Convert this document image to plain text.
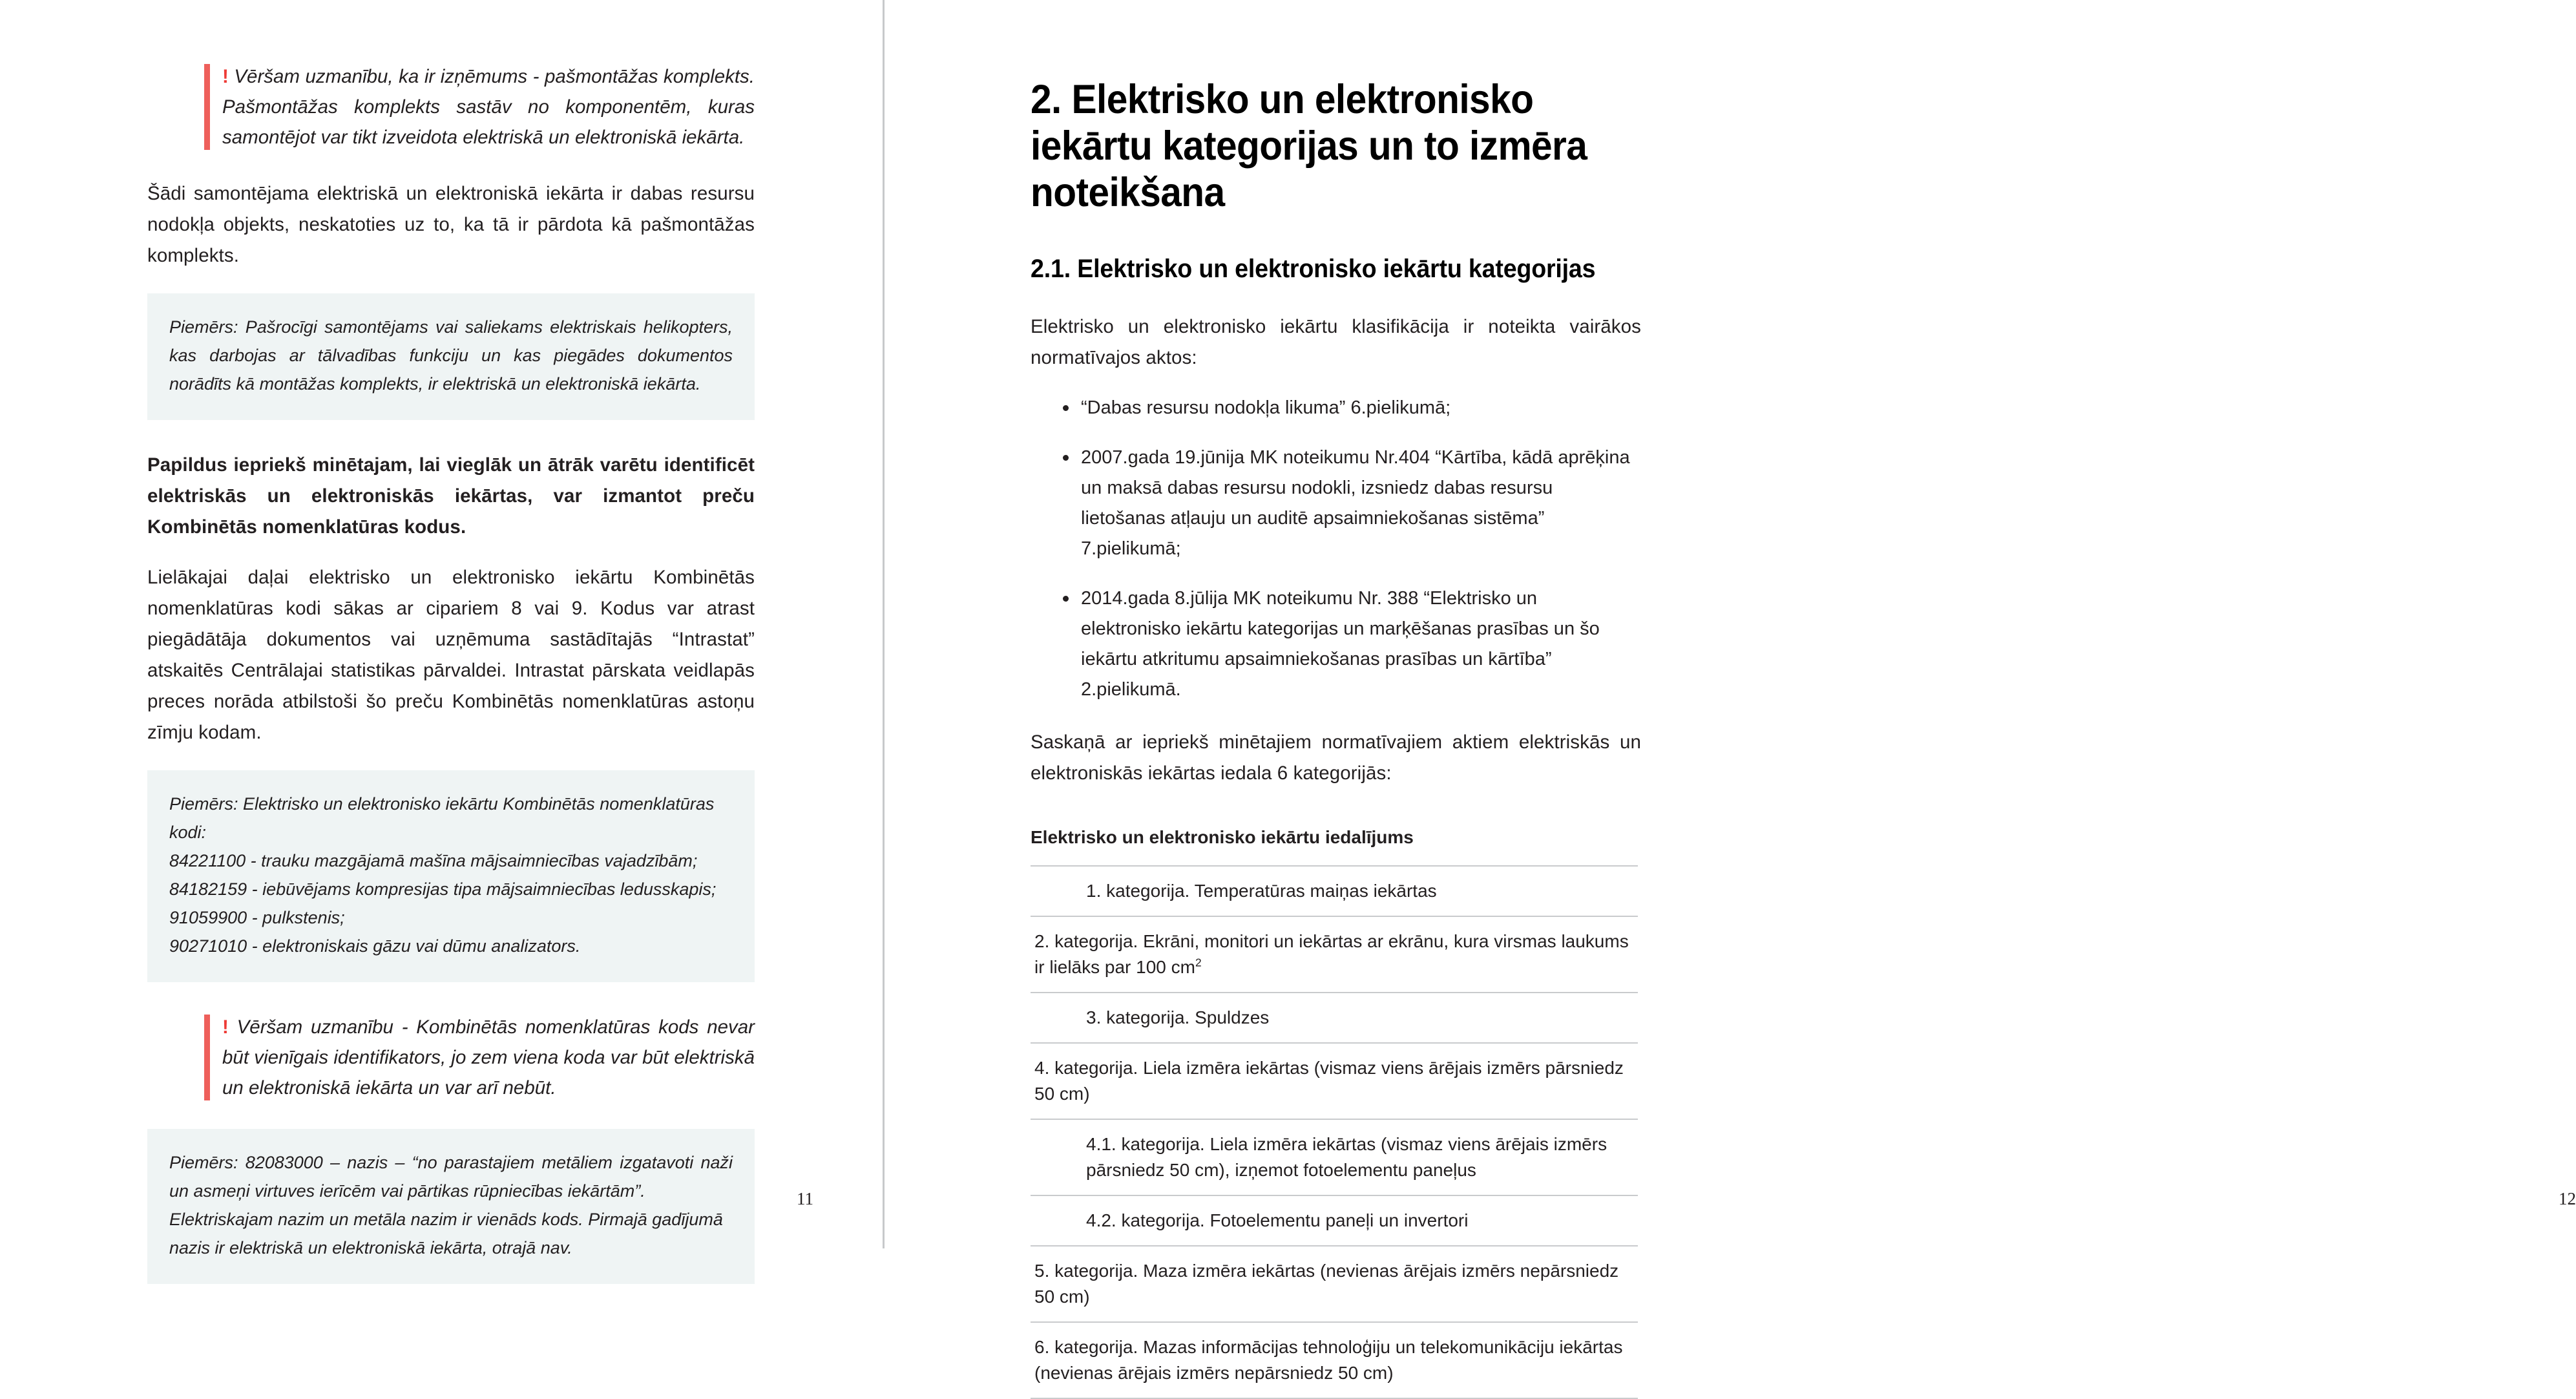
! Vēršam uzmanību, ka ir izņēmums - pašmontāžas komplekts. Pašmontāžas komplekts sastāv no komponentēm, kuras samontējot var tikt izveidota elektriskā un elektroniskā iekārta.

Šādi samontējama elektriskā un elektroniskā iekārta ir dabas resursu nodokļa objekts, neskatoties uz to, ka tā ir pārdota kā pašmontāžas komplekts.

Piemērs: Pašrocīgi samontējams vai saliekams elektriskais helikopters, kas darbojas ar tālvadības funkciju un kas piegādes dokumentos norādīts kā montāžas komplekts, ir elektriskā un elektroniskā iekārta.

Papildus iepriekš minētajam, lai vieglāk un ātrāk varētu identificēt elektriskās un elektroniskās iekārtas, var izmantot preču Kombinētās nomenklatūras kodus.

Lielākajai daļai elektrisko un elektronisko iekārtu Kombinētās nomenklatūras kodi sākas ar cipariem 8 vai 9. Kodus var atrast piegādātāja dokumentos vai uzņēmuma sastādītajās “Intrastat” atskaitēs Centrālajai statistikas pārvaldei. Intrastat pārskata veidlapās preces norāda atbilstoši šo preču Kombinētās nomenklatūras astoņu zīmju kodam.

Piemērs: Elektrisko un elektronisko iekārtu Kombinētās nomenklatūras kodi:
84221100 - trauku mazgājamā mašīna mājsaimniecības vajadzībām;
84182159 - iebūvējams kompresijas tipa mājsaimniecības ledusskapis;
91059900 - pulkstenis;
90271010 - elektroniskais gāzu vai dūmu analizators.
! Vēršam uzmanību - Kombinētās nomenklatūras kods nevar būt vienīgais identifikators, jo zem viena koda var būt elektriskā un elektroniskā iekārta un var arī nebūt.
Piemērs: 82083000 – nazis – “no parastajiem metāliem izgatavoti naži un asmeņi virtuves ierīcēm vai pārtikas rūpniecības iekārtām”.
Elektriskajam nazim un metāla nazim ir vienāds kods. Pirmajā gadījumā nazis ir elektriskā un elektroniskā iekārta, otrajā nav.
11
2. Elektrisko un elektronisko iekārtu kategorijas un to izmēra noteikšana
2.1. Elektrisko un elektronisko iekārtu kategorijas

Elektrisko un elektronisko iekārtu klasifikācija ir noteikta vairākos normatīvajos aktos:

“Dabas resursu nodokļa likuma” 6.pielikumā;
2007.gada 19.jūnija MK noteikumu Nr.404 “Kārtība, kādā aprēķina un maksā dabas resursu nodokli, izsniedz dabas resursu lietošanas atļauju un auditē apsaimniekošanas sistēma” 7.pielikumā;
2014.gada 8.jūlija MK noteikumu Nr. 388 “Elektrisko un elektronisko iekārtu kategorijas un marķēšanas prasības un šo iekārtu atkritumu apsaimniekošanas prasības un kārtība” 2.pielikumā.

Saskaņā ar iepriekš minētajiem normatīvajiem aktiem elektriskās un elektroniskās iekārtas iedala 6 kategorijās:

Elektrisko un elektronisko iekārtu iedalījums
1. kategorija. Temperatūras maiņas iekārtas
2. kategorija. Ekrāni, monitori un iekārtas ar ekrānu, kura virsmas laukums ir lielāks par 100 $cm^2$
3. kategorija. Spuldzes
4. kategorija. Liela izmēra iekārtas (vismaz viens ārējais izmērs pārsniedz 50 cm)
4.1. kategorija. Liela izmēra iekārtas (vismaz viens ārējais izmērs pārsniedz 50 cm), izņemot fotoelementu paneļus
4.2. kategorija. Fotoelementu paneļi un invertori
5. kategorija. Maza izmēra iekārtas (nevienas ārējais izmērs nepārsniedz 50 cm)
6. kategorija. Mazas informācijas tehnoloģiju un telekomunikāciju iekārtas (nevienas ārējais izmērs nepārsniedz 50 cm)
12
